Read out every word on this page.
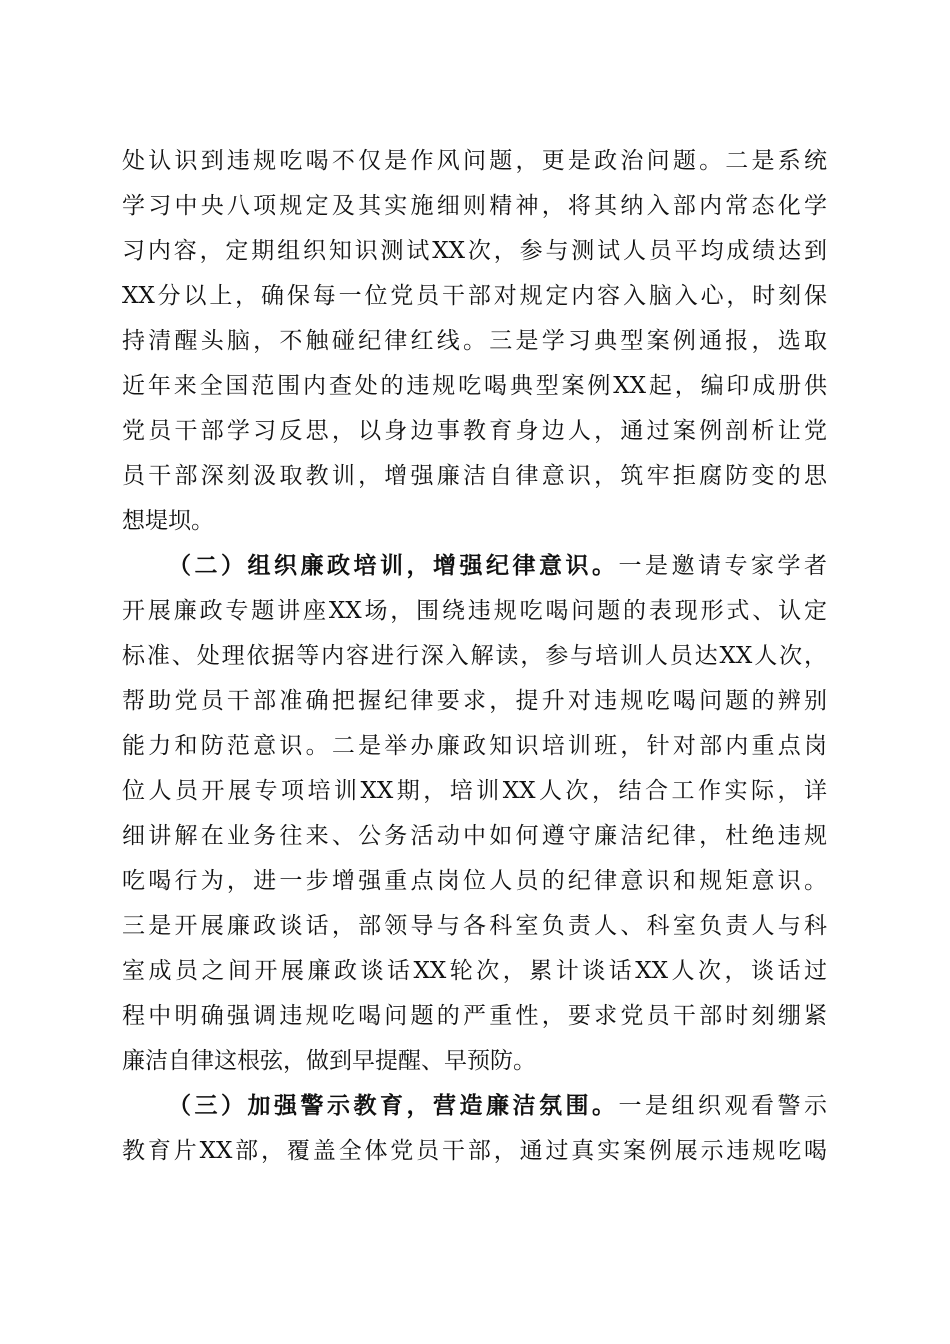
处认识到违规吃喝不仅是作风问题，更是政治问题。二是系统
学习中央八项规定及其实施细则精神，将其纳入部内常态化学
习内容，定期组织知识测试XX次，参与测试人员平均成绩达到
XX分以上，确保每一位党员干部对规定内容入脑入心，时刻保
持清醒头脑，不触碰纪律红线。三是学习典型案例通报，选取
近年来全国范围内查处的违规吃喝典型案例XX起，编印成册供
党员干部学习反思，以身边事教育身边人，通过案例剖析让党
员干部深刻汲取教训，增强廉洁自律意识，筑牢拒腐防变的思
想堤坝。
（二）组织廉政培训，增强纪律意识。一是邀请专家学者
开展廉政专题讲座XX场，围绕违规吃喝问题的表现形式、认定
标准、处理依据等内容进行深入解读，参与培训人员达XX人次，
帮助党员干部准确把握纪律要求，提升对违规吃喝问题的辨别
能力和防范意识。二是举办廉政知识培训班，针对部内重点岗
位人员开展专项培训XX期，培训XX人次，结合工作实际，详
细讲解在业务往来、公务活动中如何遵守廉洁纪律，杜绝违规
吃喝行为，进一步增强重点岗位人员的纪律意识和规矩意识。
三是开展廉政谈话，部领导与各科室负责人、科室负责人与科
室成员之间开展廉政谈话XX轮次，累计谈话XX人次，谈话过
程中明确强调违规吃喝问题的严重性，要求党员干部时刻绷紧
廉洁自律这根弦，做到早提醒、早预防。
（三）加强警示教育，营造廉洁氛围。一是组织观看警示
教育片XX部，覆盖全体党员干部，通过真实案例展示违规吃喝
